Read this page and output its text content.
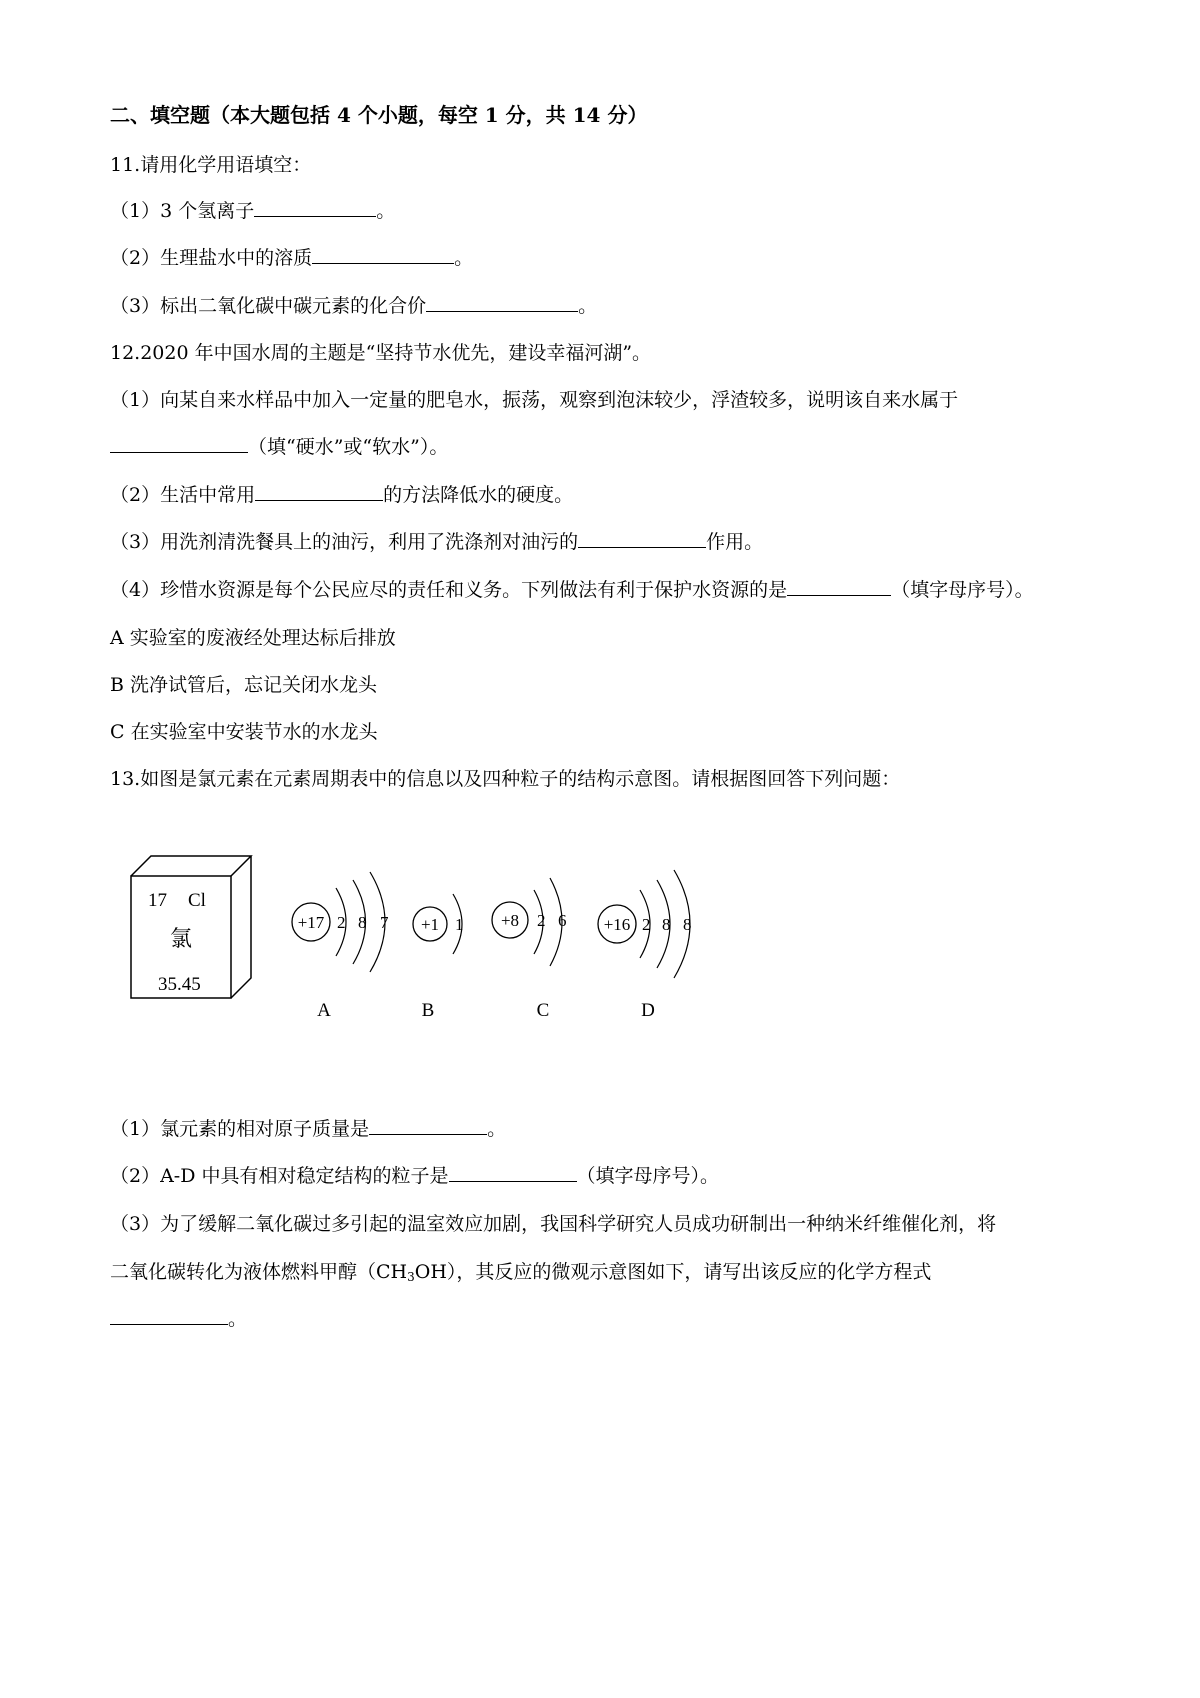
二、填空题（本大题包括 4 个小题，每空 1 分，共 14 分）
11.请用化学用语填空：
（1）3 个氢离子	。
（2）生理盐水中的溶质	。
（3）标出二氧化碳中碳元素的化合价	。
12.2020 年中国水周的主题是“坚持节水优先，建设幸福河湖”。
（1）向某自来水样品中加入一定量的肥皂水，振荡，观察到泡沫较少，浮渣较多，说明该自来水属于
（填“硬水”或“软水”）。
（2）生活中常用	的方法降低水的硬度。
（3）用洗剂清洗餐具上的油污，利用了洗涤剂对油污的	作用。
（4）珍惜水资源是每个公民应尽的责任和义务。下列做法有利于保护水资源的是	（填字母序号）。
A 实验室的废液经处理达标后排放
B 洗净试管后，忘记关闭水龙头
C 在实验室中安装节水的水龙头
13.如图是氯元素在元素周期表中的信息以及四种粒子的结构示意图。请根据图回答下列问题：
17 Cl
氯
35.45
+17 2 8 7
A
+1 1
B
+8 2 6
C
+16 2 8 8
D
（1）氯元素的相对原子质量是	。
（2）A-D 中具有相对稳定结构的粒子是	（填字母序号）。
（3）为了缓解二氧化碳过多引起的温室效应加剧，我国科学研究人员成功研制出一种纳米纤维催化剂，将
二氧化碳转化为液体燃料甲醇$(CH_3OH)$，其反应的微观示意图如下，请写出该反应的化学方程式
。
